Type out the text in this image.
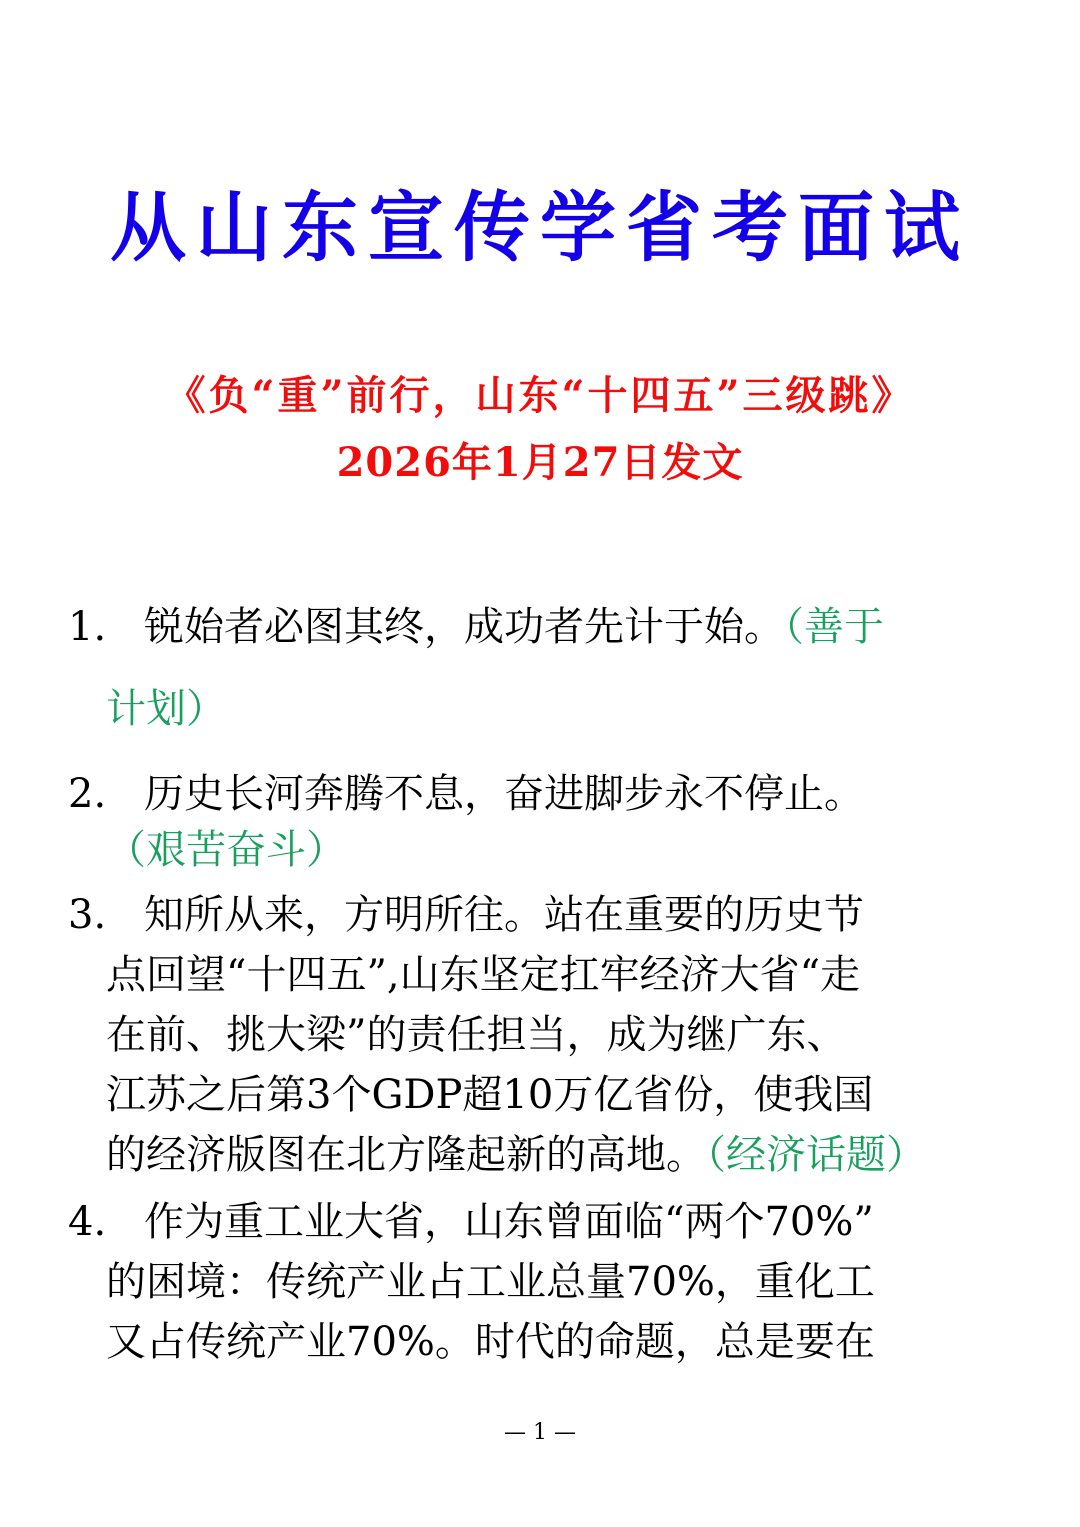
从山东宣传学省考面试
《负“重”前行，山东“十四五”三级跳》
2026年1月27日发文
1. 锐始者必图其终，成功者先计于始。（善于
计划）
2. 历史长河奔腾不息，奋进脚步永不停止。
（艰苦奋斗）
3. 知所从来，方明所往。站在重要的历史节
点回望“十四五”,山东坚定扛牢经济大省“走
在前、挑大梁”的责任担当，成为继广东、
江苏之后第3个GDP超10万亿省份，使我国
的经济版图在北方隆起新的高地。（经济话题）
4. 作为重工业大省，山东曾面临“两个70%”
的困境：传统产业占工业总量70%，重化工
又占传统产业70%。时代的命题，总是要在
— 1 —
